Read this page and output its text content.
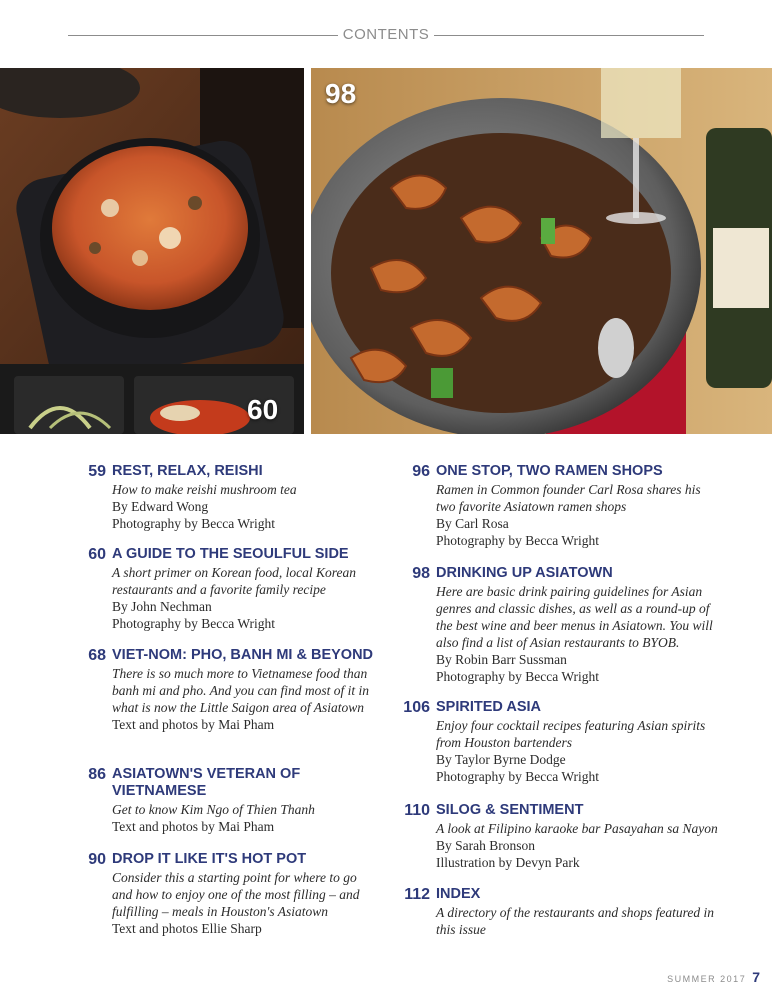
CONTENTS
60
98
59 REST, RELAX, REISHI
How to make reishi mushroom tea
By Edward Wong
Photography by Becca Wright
60 A GUIDE TO THE SEOULFUL SIDE
A short primer on Korean food, local Korean restaurants and a favorite family recipe
By John Nechman
Photography by Becca Wright
68 VIET-NOM: PHO, BANH MI & BEYOND
There is so much more to Vietnamese food than banh mi and pho. And you can find most of it in what is now the Little Saigon area of Asiatown
Text and photos by Mai Pham
86 ASIATOWN'S VETERAN OF VIETNAMESE
Get to know Kim Ngo of Thien Thanh
Text and photos by Mai Pham
90 DROP IT LIKE IT'S HOT POT
Consider this a starting point for where to go and how to enjoy one of the most filling – and fulfilling – meals in Houston's Asiatown
Text and photos Ellie Sharp
96 ONE STOP, TWO RAMEN SHOPS
Ramen in Common founder Carl Rosa shares his two favorite Asiatown ramen shops
By Carl Rosa
Photography by Becca Wright
98 DRINKING UP ASIATOWN
Here are basic drink pairing guidelines for Asian genres and classic dishes, as well as a round-up of the best wine and beer menus in Asiatown. You will also find a list of Asian restaurants to BYOB.
By Robin Barr Sussman
Photography by Becca Wright
106 SPIRITED ASIA
Enjoy four cocktail recipes featuring Asian spirits from Houston bartenders
By Taylor Byrne Dodge
Photography by Becca Wright
110 SILOG & SENTIMENT
A look at Filipino karaoke bar Pasayahan sa Nayon
By Sarah Bronson
Illustration by Devyn Park
112 INDEX
A directory of the restaurants and shops featured in this issue
SUMMER 2017 7
